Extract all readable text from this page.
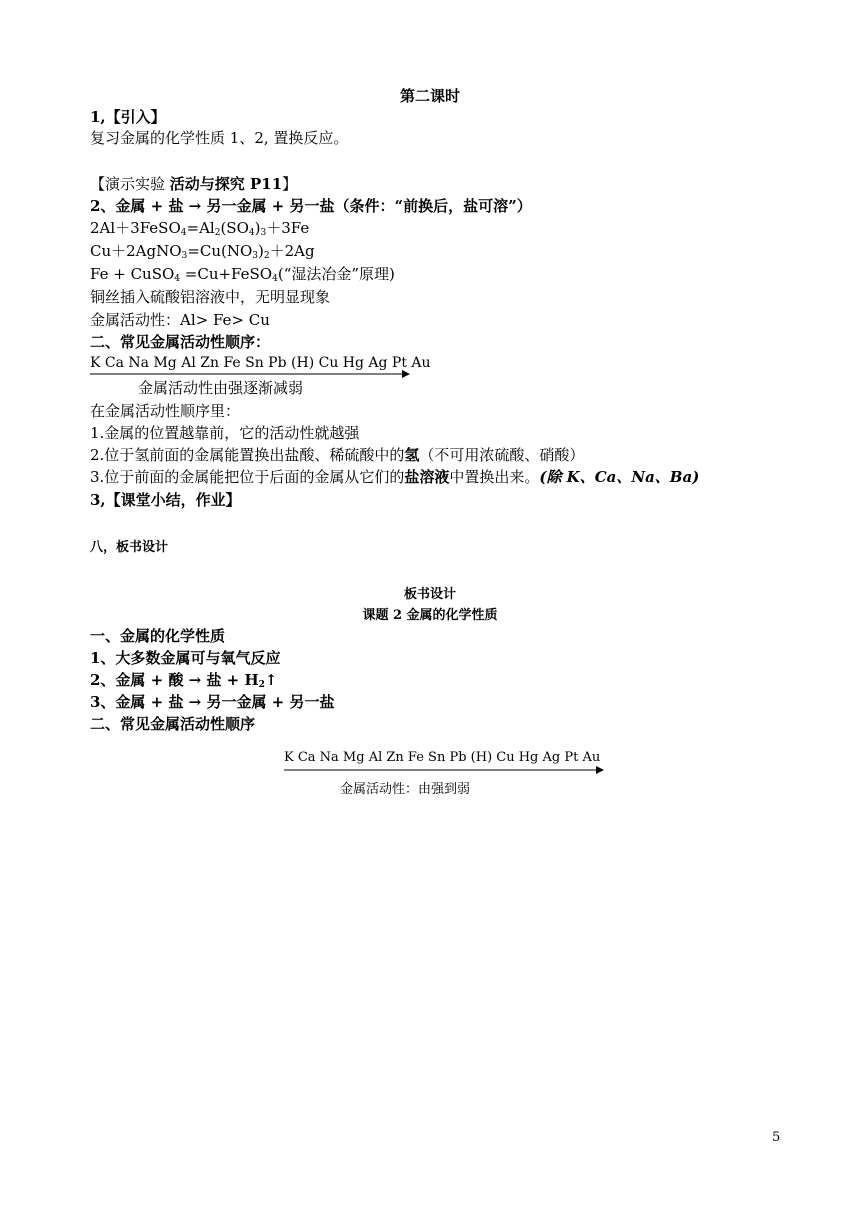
第二课时
1,【引入】
复习金属的化学性质 1、2, 置换反应。
【演示实验 活动与探究 P11】
2、金属 + 盐 → 另一金属 + 另一盐（条件：“前换后，盐可溶”）
$2Al+3FeSO_4=Al_2(SO_4)_3+3Fe$
$Cu+2AgNO_3=Cu(NO_3)_2+2Ag$
Fe + CuSO$_4$ =Cu+FeSO$_4$(“湿法冶金”原理)
铜丝插入硫酸铝溶液中，无明显现象
金属活动性：Al> Fe> Cu
二、常见金属活动性顺序：
K Ca Na Mg Al Zn Fe Sn Pb (H) Cu Hg Ag Pt Au
金属活动性由强逐渐减弱
在金属活动性顺序里：
1.金属的位置越靠前，它的活动性就越强
2.位于氢前面的金属能置换出盐酸、稀硫酸中的氢（不可用浓硫酸、硝酸）
3.位于前面的金属能把位于后面的金属从它们的盐溶液中置换出来。(除 K、Ca、Na、Ba)
3,【课堂小结，作业】
八，板书设计
板书设计
课题 2 金属的化学性质
一、金属的化学性质
1、大多数金属可与氧气反应
2、金属 + 酸 → 盐 + $H_2↑$
3、金属 + 盐 → 另一金属 + 另一盐
二、常见金属活动性顺序
K Ca Na Mg Al Zn Fe Sn Pb (H) Cu Hg Ag Pt Au
金属活动性：由强到弱
5
